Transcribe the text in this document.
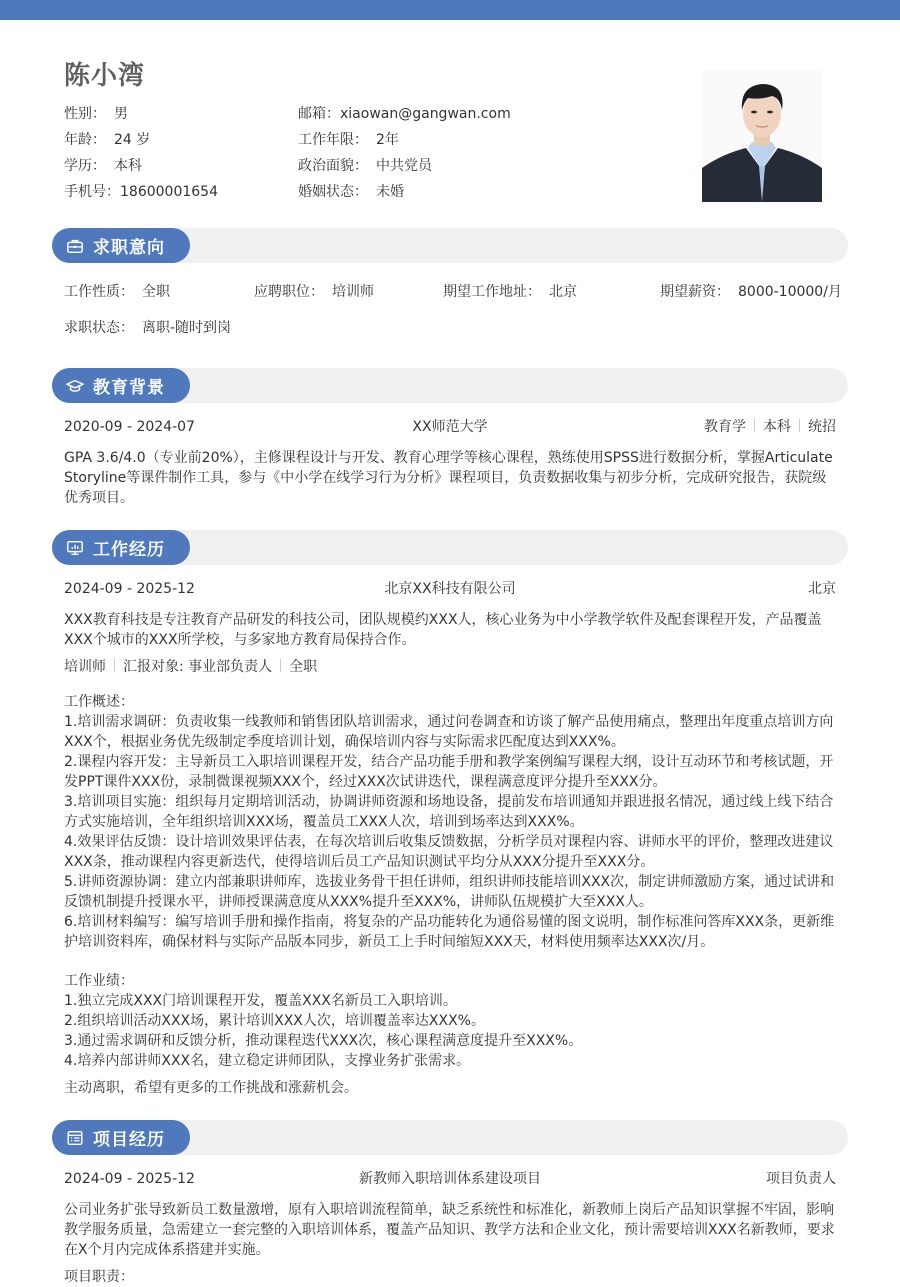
陈小湾
性别： 男	邮箱：xiaowan@gangwan.com
年龄： 24 岁	工作年限： 2年
学历： 本科	政治面貌： 中共党员
手机号：18600001654	婚姻状态： 未婚
求职意向
工作性质： 全职	应聘职位： 培训师	期望工作地址： 北京	期望薪资： 8000-10000/月
求职状态： 离职-随时到岗
教育背景
2020-09 - 2024-07	XX师范大学	教育学 本科 统招

GPA 3.6/4.0（专业前20%），主修课程设计与开发、教育心理学等核心课程，熟练使用SPSS进行数据分析，掌握Articulate Storyline等课件制作工具，参与《中小学在线学习行为分析》课程项目，负责数据收集与初步分析，完成研究报告，获院级优秀项目。

工作经历
2024-09 - 2025-12	北京XX科技有限公司	北京

XXX教育科技是专注教育产品研发的科技公司，团队规模约XXX人，核心业务为中小学教学软件及配套课程开发，产品覆盖XXX个城市的XXX所学校，与多家地方教育局保持合作。

培训师 汇报对象: 事业部负责人 全职

工作概述：

1.培训需求调研：负责收集一线教师和销售团队培训需求，通过问卷调查和访谈了解产品使用痛点，整理出年度重点培训方向XXX个，根据业务优先级制定季度培训计划，确保培训内容与实际需求匹配度达到XXX%。

2.课程内容开发：主导新员工入职培训课程开发，结合产品功能手册和教学案例编写课程大纲，设计互动环节和考核试题，开发PPT课件XXX份，录制微课视频XXX个，经过XXX次试讲迭代，课程满意度评分提升至XXX分。

3.培训项目实施：组织每月定期培训活动，协调讲师资源和场地设备，提前发布培训通知并跟进报名情况，通过线上线下结合方式实施培训，全年组织培训XXX场，覆盖员工XXX人次，培训到场率达到XXX%。

4.效果评估反馈：设计培训效果评估表，在每次培训后收集反馈数据，分析学员对课程内容、讲师水平的评价，整理改进建议XXX条，推动课程内容更新迭代，使得培训后员工产品知识测试平均分从XXX分提升至XXX分。

5.讲师资源协调：建立内部兼职讲师库，选拔业务骨干担任讲师，组织讲师技能培训XXX次，制定讲师激励方案，通过试讲和反馈机制提升授课水平，讲师授课满意度从XXX%提升至XXX%，讲师队伍规模扩大至XXX人。

6.培训材料编写：编写培训手册和操作指南，将复杂的产品功能转化为通俗易懂的图文说明，制作标准问答库XXX条，更新维护培训资料库，确保材料与实际产品版本同步，新员工上手时间缩短XXX天，材料使用频率达XXX次/月。

工作业绩：

1.独立完成XXX门培训课程开发，覆盖XXX名新员工入职培训。

2.组织培训活动XXX场，累计培训XXX人次，培训覆盖率达XXX%。

3.通过需求调研和反馈分析，推动课程迭代XXX次，核心课程满意度提升至XXX%。

4.培养内部讲师XXX名，建立稳定讲师团队，支撑业务扩张需求。

主动离职，希望有更多的工作挑战和涨薪机会。

项目经历
2024-09 - 2025-12	新教师入职培训体系建设项目	项目负责人

公司业务扩张导致新员工数量激增，原有入职培训流程简单，缺乏系统性和标准化，新教师上岗后产品知识掌握不牢固，影响教学服务质量，急需建立一套完整的入职培训体系，覆盖产品知识、教学方法和企业文化，预计需要培训XXX名新教师，要求在X个月内完成体系搭建并实施。

项目职责：
